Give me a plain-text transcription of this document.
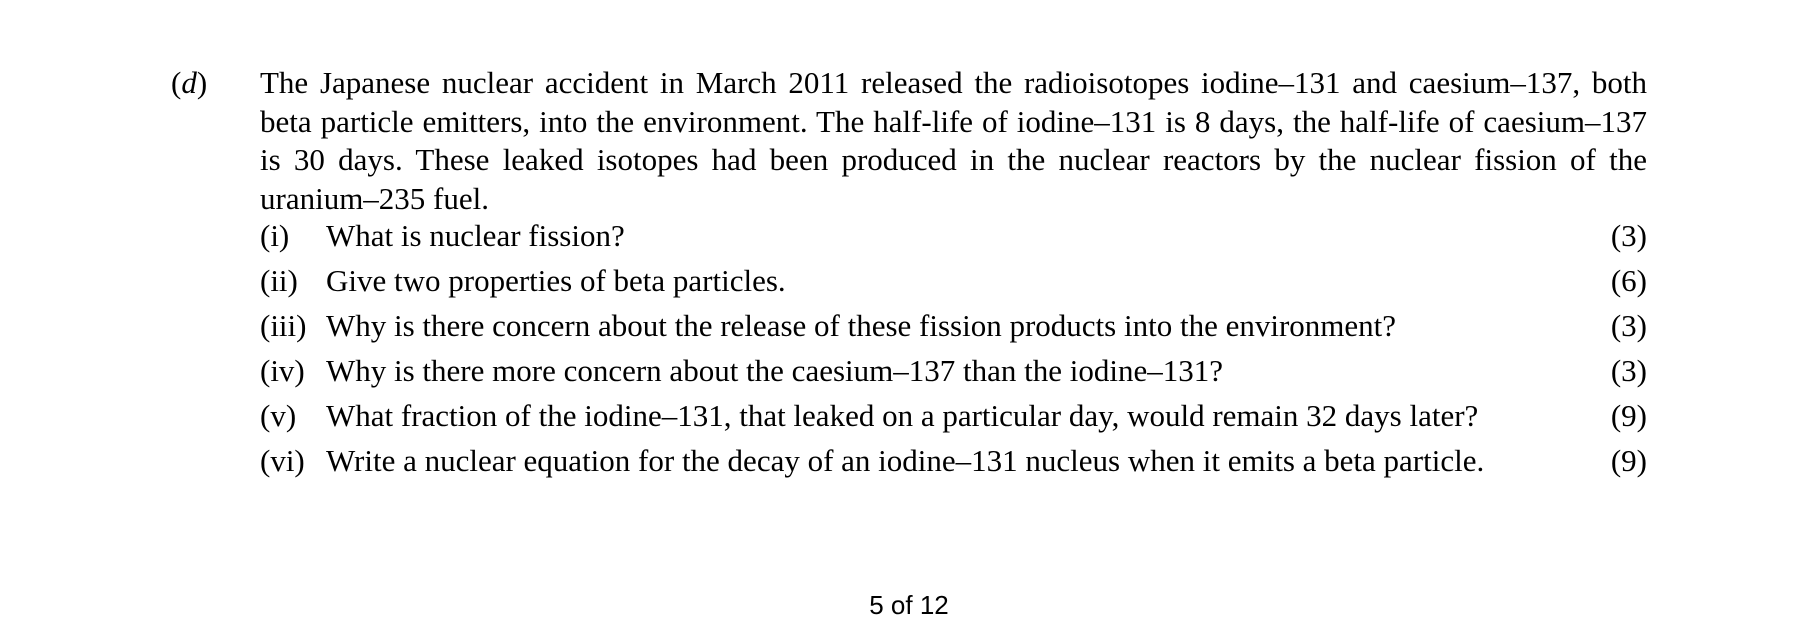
(d) The Japanese nuclear accident in March 2011 released the radioisotopes iodine–131 and caesium–137, both beta particle emitters, into the environment. The half-life of iodine–131 is 8 days, the half-life of caesium–137 is 30 days. These leaked isotopes had been produced in the nuclear reactors by the nuclear fission of the uranium–235 fuel.

(i) What is nuclear fission?	(3)
(ii) Give two properties of beta particles.	(6)
(iii) Why is there concern about the release of these fission products into the environment?	(3)
(iv) Why is there more concern about the caesium–137 than the iodine–131?	(3)
(v) What fraction of the iodine–131, that leaked on a particular day, would remain 32 days later?	(9)
(vi) Write a nuclear equation for the decay of an iodine–131 nucleus when it emits a beta particle.	(9)
5 of 12
